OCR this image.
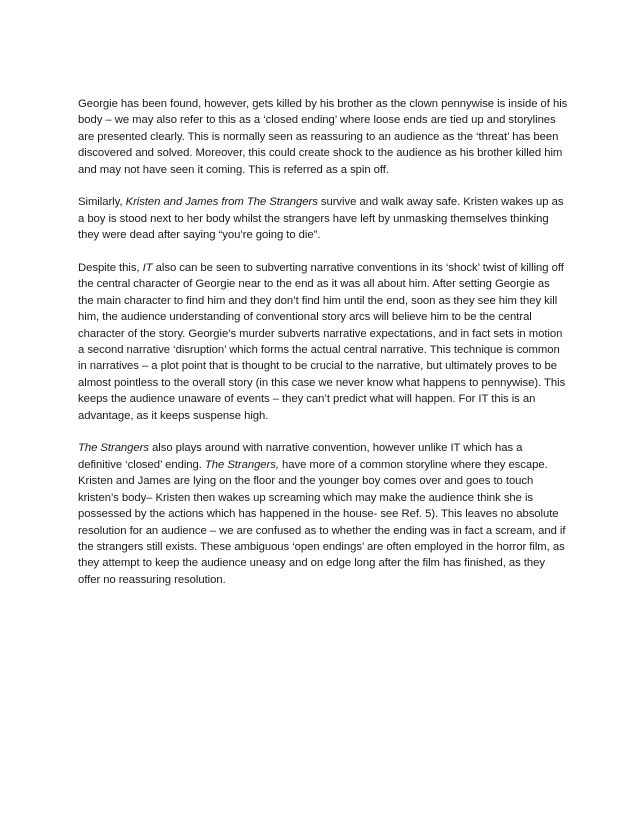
Georgie has been found, however, gets killed by his brother as the clown pennywise is inside of his body – we may also refer to this as a ‘closed ending’ where loose ends are tied up and storylines are presented clearly. This is normally seen as reassuring to an audience as the ‘threat’ has been discovered and solved. Moreover, this could create shock to the audience as his brother killed him and may not have seen it coming. This is referred as a spin off.

Similarly, Kristen and James from The Strangers survive and walk away safe. Kristen wakes up as a boy is stood next to her body whilst the strangers have left by unmasking themselves thinking they were dead after saying “you’re going to die”.

Despite this, IT also can be seen to subverting narrative conventions in its ‘shock’ twist of killing off the central character of Georgie near to the end as it was all about him. After setting Georgie as the main character to find him and they don’t find him until the end, soon as they see him they kill him, the audience understanding of conventional story arcs will believe him to be the central character of the story. Georgie’s murder subverts narrative expectations, and in fact sets in motion a second narrative ‘disruption’ which forms the actual central narrative. This technique is common in narratives – a plot point that is thought to be crucial to the narrative, but ultimately proves to be almost pointless to the overall story (in this case we never know what happens to pennywise). This keeps the audience unaware of events – they can’t predict what will happen. For IT this is an advantage, as it keeps suspense high.

The Strangers also plays around with narrative convention, however unlike IT which has a definitive ‘closed’ ending. The Strangers, have more of a common storyline where they escape. Kristen and James are lying on the floor and the younger boy comes over and goes to touch kristen’s body– Kristen then wakes up screaming which may make the audience think she is possessed by the actions which has happened in the house- see Ref. 5). This leaves no absolute resolution for an audience – we are confused as to whether the ending was in fact a scream, and if the strangers still exists. These ambiguous ‘open endings’ are often employed in the horror film, as they attempt to keep the audience uneasy and on edge long after the film has finished, as they offer no reassuring resolution.
